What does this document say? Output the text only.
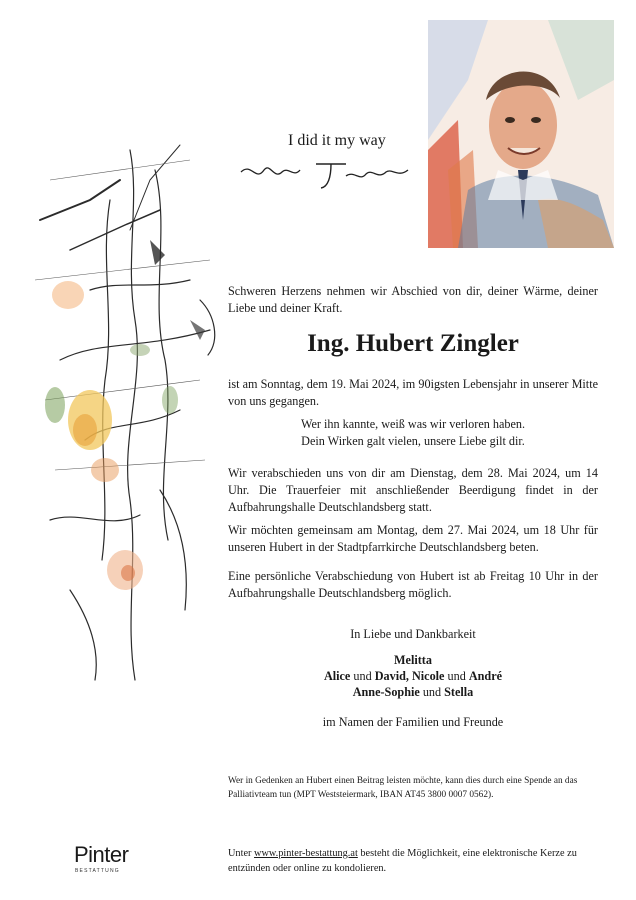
I did it my way
Schweren Herzens nehmen wir Abschied von dir, deiner Wärme, deiner Liebe und deiner Kraft.
Ing. Hubert Zingler
ist am Sonntag, dem 19. Mai 2024, im 90igsten Lebensjahr in unserer Mitte von uns gegangen.
Wer ihn kannte, weiß was wir verloren haben.
Dein Wirken galt vielen, unsere Liebe gilt dir.
Wir verabschieden uns von dir am Dienstag, dem 28. Mai 2024, um 14 Uhr. Die Trauerfeier mit anschließender Beerdigung findet in der Aufbahrungshalle Deutschlandsberg statt.
Wir möchten gemeinsam am Montag, dem 27. Mai 2024, um 18 Uhr für unseren Hubert in der Stadtpfarrkirche Deutschlandsberg beten.
Eine persönliche Verabschiedung von Hubert ist ab Freitag 10 Uhr in der Aufbahrungshalle Deutschlandsberg möglich.
In Liebe und Dankbarkeit
Melitta
Alice und David, Nicole und André
Anne-Sophie und Stella
im Namen der Familien und Freunde
Wer in Gedenken an Hubert einen Beitrag leisten möchte, kann dies durch eine Spende an das Palliativteam tun (MPT Weststeiermark, IBAN AT45 3800 0007 0562).
Pinter
BESTATTUNG
Unter www.pinter-bestattung.at besteht die Möglichkeit, eine elektronische Kerze zu entzünden oder online zu kondolieren.
